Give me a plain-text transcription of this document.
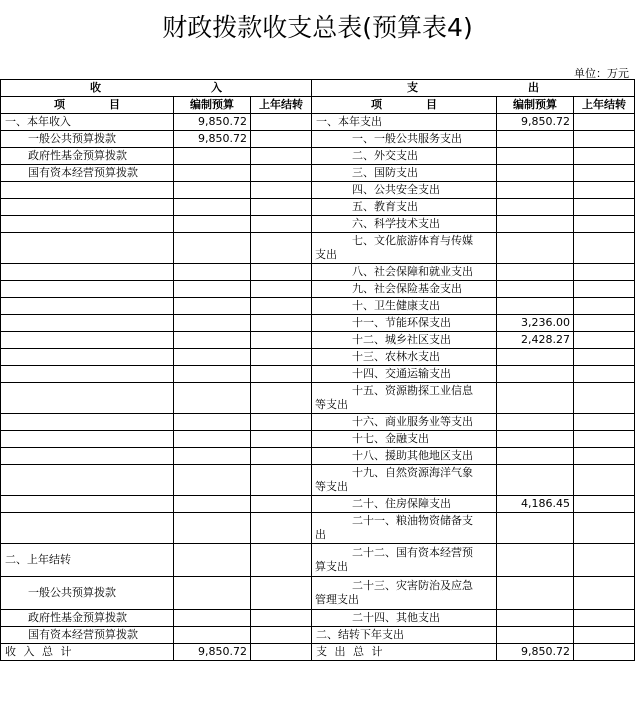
财政拨款收支总表(预算表4)
单位：万元
收 入			支 出		
项　　　　目	编制预算	上年结转	项　　　　目	编制预算	上年结转
一、本年收入	9,850.72		一、本年支出	9,850.72	
一般公共预算拨款	9,850.72		一、一般公共服务支出		
政府性基金预算拨款			二、外交支出		
国有资本经营预算拨款			三、国防支出		
			四、公共安全支出		
			五、教育支出		
			六、科学技术支出		

			七、文化旅游体育与传媒
支出		

			八、社会保障和就业支出		
			九、社会保险基金支出		
			十、卫生健康支出		
			十一、节能环保支出	3,236.00	
			十二、城乡社区支出	2,428.27	
			十三、农林水支出		
			十四、交通运输支出		

			十五、资源勘探工业信息
等支出		

			十六、商业服务业等支出		
			十七、金融支出		
			十八、援助其他地区支出		

			十九、自然资源海洋气象
等支出		

			二十、住房保障支出	4,186.45	

			二十一、粮油物资储备支
出		

二、上年结转			二十二、国有资本经营预
算支出		

一般公共预算拨款			二十三、灾害防治及应急
管理支出		

政府性基金预算拨款			二十四、其他支出		
国有资本经营预算拨款			二、结转下年支出		
收 入 总 计	9,850.72		支 出 总 计	9,850.72	
